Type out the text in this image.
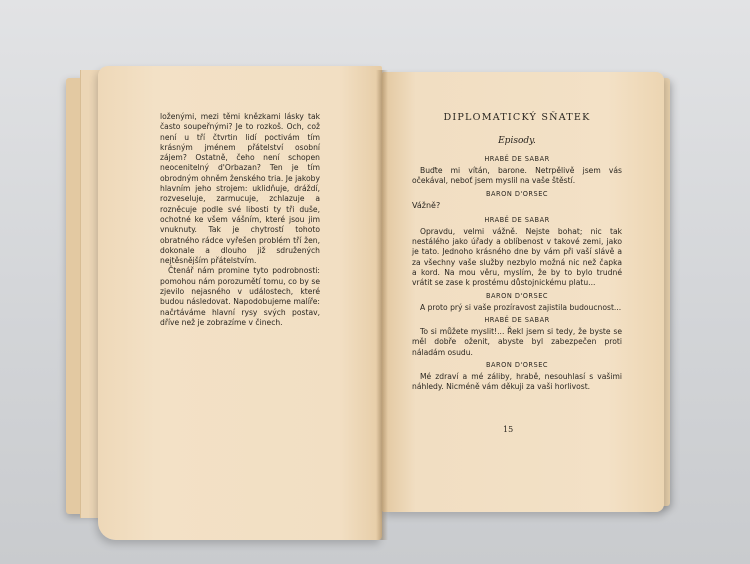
loženými, mezi těmi knězkami lásky tak často soupeřnými? Je to rozkoš. Och, což není u tří čtvrtin lidí poctivám tím krásným jménem přátelství osobní zájem? Ostatně, čeho není schopen neocenitelný d'Orbazan? Ten je tím obrodným ohněm ženského tria. Je jakoby hlavním jeho strojem: uklidňuje, dráždí, rozveseluje, zarmucuje, zchlazuje a rozněcuje podle své libosti ty tři duše, ochotné ke všem vášním, které jsou jim vnuknuty. Tak je chytrostí tohoto obratného rádce vyřešen problém tří žen, dokonale a dlouho již sdružených nejtěsnějším přátelstvím.

Čtenář nám promine tyto podrobnosti: pomohou nám porozumětí tomu, co by se zjevilo nejasného v událostech, které budou následovat. Napodobujeme malíře: načrtáváme hlavní rysy svých postav, dříve než je zobrazíme v činech.

DIPLOMATICKÝ SŇATEK
Episody.
HRABĚ DE SABAR

Buďte mi vítán, barone. Netrpělivě jsem vás očekával, neboť jsem myslil na vaše štěstí.

BARON D'ORSEC

Vážně?

HRABĚ DE SABAR

Opravdu, velmi vážně. Nejste bohat; nic tak nestálého jako úřady a oblíbenost v takové zemi, jako je tato. Jednoho krásného dne by vám při vaší slávě a za všechny vaše služby nezbylo možná nic než čapka a kord. Na mou věru, myslím, že by to bylo trudné vrátit se zase k prostému důstojnickému platu...

BARON D'ORSEC

A proto prý si vaše prozíravost zajistila budoucnost...

HRABĚ DE SABAR

To si můžete myslit!... Řekl jsem si tedy, že byste se měl dobře oženit, abyste byl zabezpečen proti náladám osudu.

BARON D'ORSEC

Mé zdraví a mé záliby, hrabě, nesouhlasí s vašimi náhledy. Nicméně vám děkuji za vaši horlivost.

15
